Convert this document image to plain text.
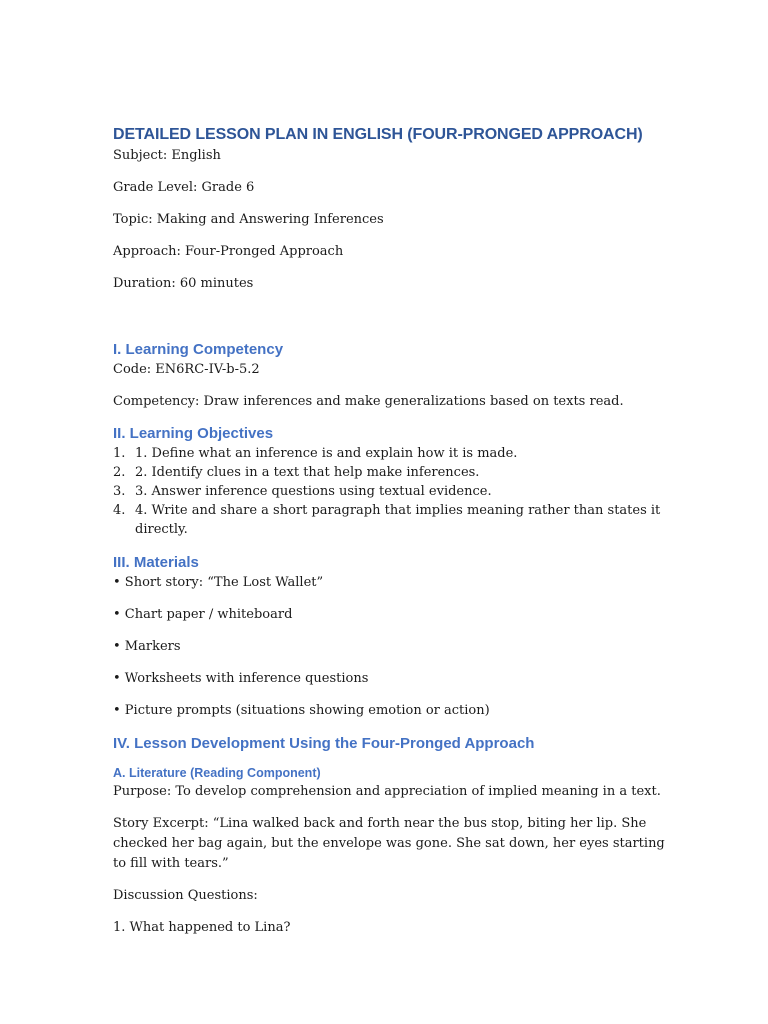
DETAILED LESSON PLAN IN ENGLISH (FOUR-PRONGED APPROACH)

Subject: English

Grade Level: Grade 6

Topic: Making and Answering Inferences

Approach: Four-Pronged Approach

Duration: 60 minutes

I. Learning Competency

Code: EN6RC-IV-b-5.2

Competency: Draw inferences and make generalizations based on texts read.

II. Learning Objectives
1. 1. Define what an inference is and explain how it is made.
2. 2. Identify clues in a text that help make inferences.
3. 3. Answer inference questions using textual evidence.
4. 4. Write and share a short paragraph that implies meaning rather than states it directly.
III. Materials

• Short story: “The Lost Wallet”

• Chart paper / whiteboard

• Markers

• Worksheets with inference questions

• Picture prompts (situations showing emotion or action)

IV. Lesson Development Using the Four-Pronged Approach
A. Literature (Reading Component)

Purpose: To develop comprehension and appreciation of implied meaning in a text.

Story Excerpt: “Lina walked back and forth near the bus stop, biting her lip. She checked her bag again, but the envelope was gone. She sat down, her eyes starting to fill with tears.”

Discussion Questions:

1. What happened to Lina?
